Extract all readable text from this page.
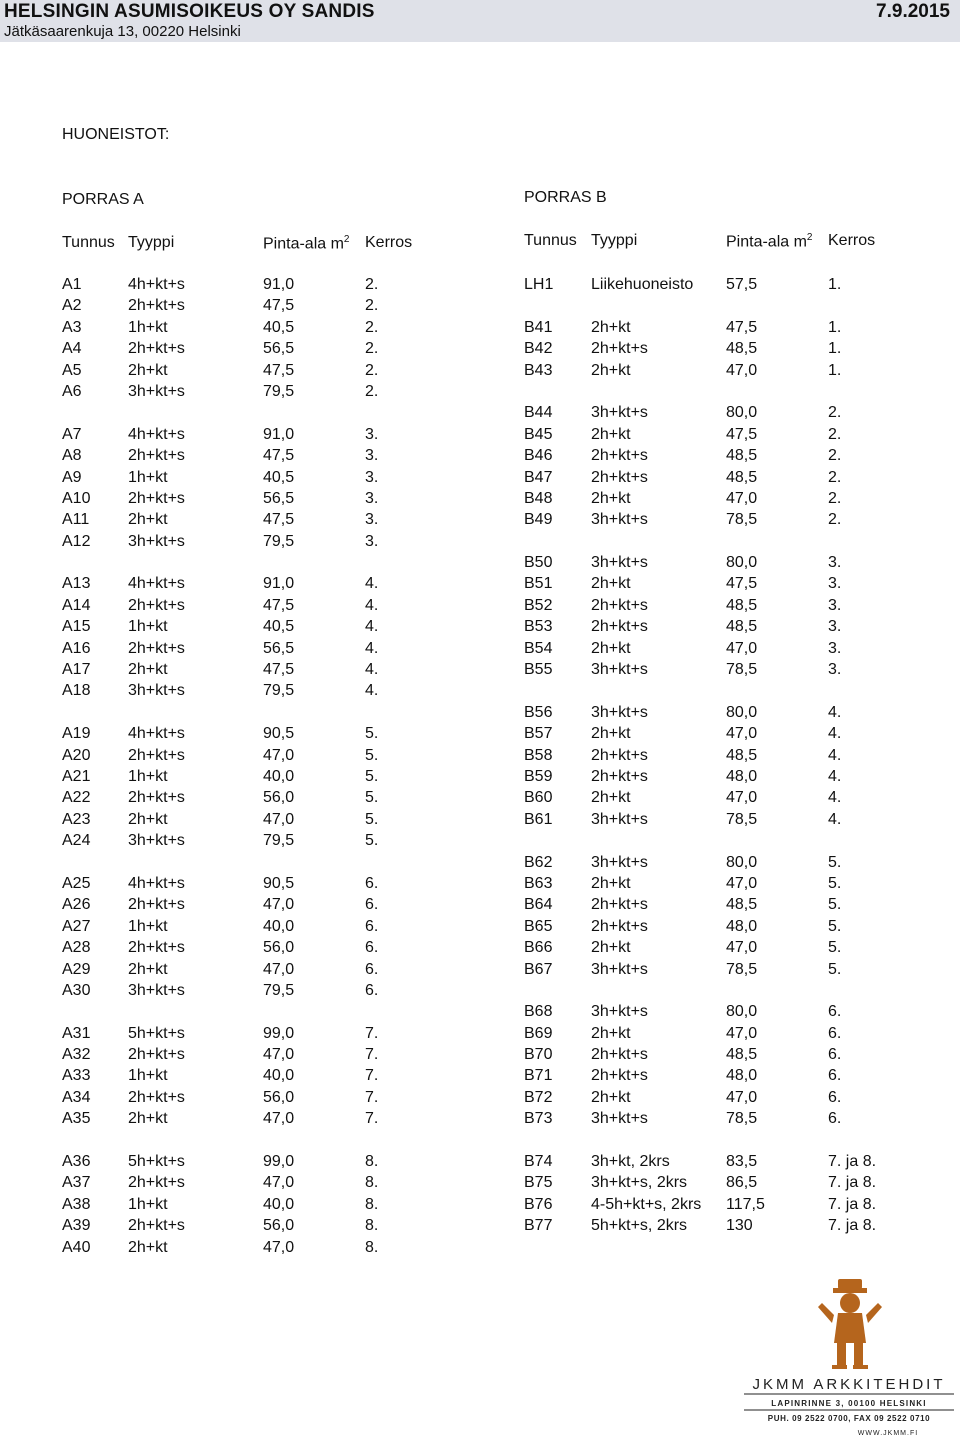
HELSINGIN ASUMISOIKEUS OY SANDIS	7.9.2015
Jätkäsaarenkuja 13, 00220 Helsinki
HUONEISTOT:
PORRAS A
Tunnus Tyyppi	Pinta-ala $m^2$ Kerros
A1	4h+kt+s	91,0	2.
A2	2h+kt+s	47,5	2.
A3	1h+kt	40,5	2.
A4	2h+kt+s	56,5	2.
A5	2h+kt	47,5	2.
A6	3h+kt+s	79,5	2.
A7	4h+kt+s	91,0	3.
A8	2h+kt+s	47,5	3.
A9	1h+kt	40,5	3.
A10 2h+kt+s	56,5	3.
A11 2h+kt	47,5	3.
A12 3h+kt+s	79,5	3.
A13 4h+kt+s	91,0	4.
A14 2h+kt+s	47,5	4.
A15 1h+kt	40,5	4.
A16 2h+kt+s	56,5	4.
A17 2h+kt	47,5	4.
A18 3h+kt+s	79,5	4.
A19 4h+kt+s	90,5	5.
A20 2h+kt+s	47,0	5.
A21 1h+kt	40,0	5.
A22 2h+kt+s	56,0	5.
A23 2h+kt	47,0	5.
A24 3h+kt+s	79,5	5.
A25 4h+kt+s	90,5	6.
A26 2h+kt+s	47,0	6.
A27 1h+kt	40,0	6.
A28 2h+kt+s	56,0	6.
A29 2h+kt	47,0	6.
A30 3h+kt+s	79,5	6.
A31 5h+kt+s	99,0	7.
A32 2h+kt+s	47,0	7.
A33 1h+kt	40,0	7.
A34 2h+kt+s	56,0	7.
A35 2h+kt	47,0	7.
A36 5h+kt+s	99,0	8.
A37 2h+kt+s	47,0	8.
A38 1h+kt	40,0	8.
A39 2h+kt+s	56,0	8.
A40 2h+kt	47,0	8.
PORRAS B
Tunnus Tyyppi	Pinta-ala $m^2$ Kerros
LH1 Liikehuoneisto 57,5	1.
B41 2h+kt	47,5	1.
B42 2h+kt+s	48,5	1.
B43 2h+kt	47,0	1.
B44 3h+kt+s	80,0	2.
B45 2h+kt	47,5	2.
B46 2h+kt+s	48,5	2.
B47 2h+kt+s	48,5	2.
B48 2h+kt	47,0	2.
B49 3h+kt+s	78,5	2.
B50 3h+kt+s	80,0	3.
B51 2h+kt	47,5	3.
B52 2h+kt+s	48,5	3.
B53 2h+kt+s	48,5	3.
B54 2h+kt	47,0	3.
B55 3h+kt+s	78,5	3.
B56 3h+kt+s	80,0	4.
B57 2h+kt	47,0	4.
B58 2h+kt+s	48,5	4.
B59 2h+kt+s	48,0	4.
B60 2h+kt	47,0	4.
B61 3h+kt+s	78,5	4.
B62 3h+kt+s	80,0	5.
B63 2h+kt	47,0	5.
B64 2h+kt+s	48,5	5.
B65 2h+kt+s	48,0	5.
B66 2h+kt	47,0	5.
B67 3h+kt+s	78,5	5.
B68 3h+kt+s	80,0	6.
B69 2h+kt	47,0	6.
B70 2h+kt+s	48,5	6.
B71 2h+kt+s	48,0	6.
B72 2h+kt	47,0	6.
B73 3h+kt+s	78,5	6.
B74 3h+kt, 2krs	83,5	7. ja 8.
B75 3h+kt+s, 2krs 86,5	7. ja 8.
B76 4-5h+kt+s, 2krs 117,5	7. ja 8.
B77 5h+kt+s, 2krs 130	7. ja 8.
JKMM ARKKITEHDIT
LAPINRINNE 3, 00100 HELSINKI
PUH. 09 2522 0700, FAX 09 2522 0710
WWW.JKMM.FI
